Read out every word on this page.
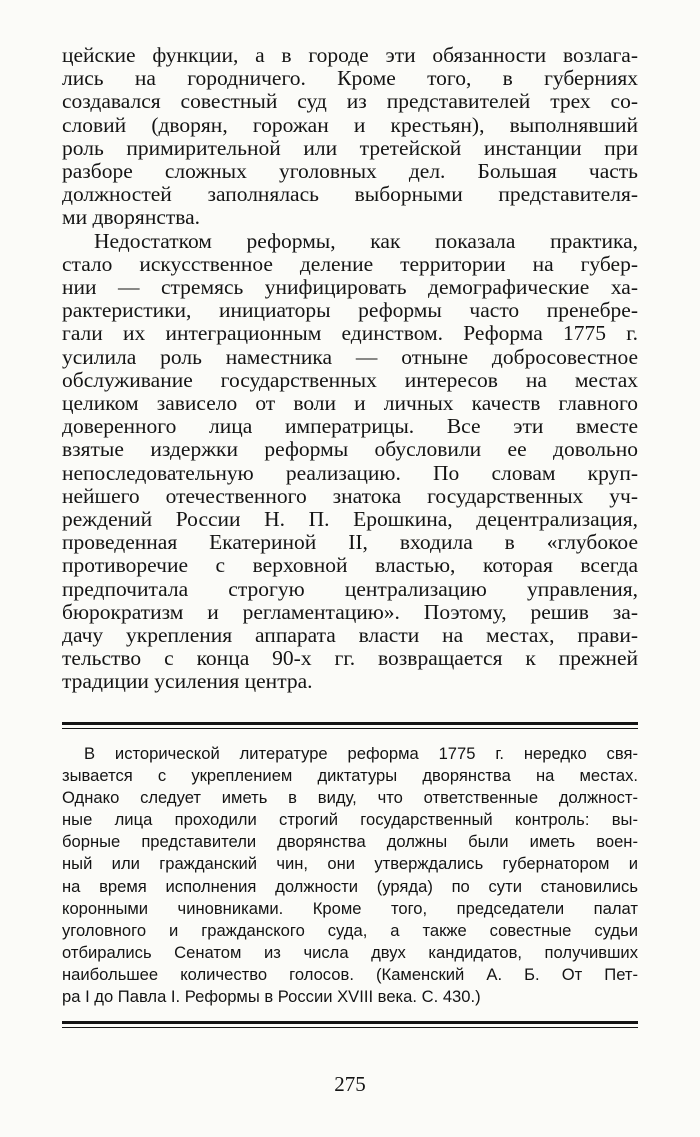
цейские функции, а в городе эти обязанности возлага-
лись на городничего. Кроме того, в губерниях
создавался совестный суд из представителей трех со-
словий (дворян, горожан и крестьян), выполнявший
роль примирительной или третейской инстанции при
разборе сложных уголовных дел. Большая часть
должностей заполнялась выборными представителя-
ми дворянства.
Недостатком реформы, как показала практика,
стало искусственное деление территории на губер-
нии — стремясь унифицировать демографические ха-
рактеристики, инициаторы реформы часто пренебре-
гали их интеграционным единством. Реформа 1775 г.
усилила роль наместника — отныне добросовестное
обслуживание государственных интересов на местах
целиком зависело от воли и личных качеств главного
доверенного лица императрицы. Все эти вместе
взятые издержки реформы обусловили ее довольно
непоследовательную реализацию. По словам круп-
нейшего отечественного знатока государственных уч-
реждений России Н. П. Ерошкина, децентрализация,
проведенная Екатериной II, входила в «глубокое
противоречие с верховной властью, которая всегда
предпочитала строгую централизацию управления,
бюрократизм и регламентацию». Поэтому, решив за-
дачу укрепления аппарата власти на местах, прави-
тельство с конца 90-х гг. возвращается к прежней
традиции усиления центра.
В исторической литературе реформа 1775 г. нередко свя-
зывается с укреплением диктатуры дворянства на местах.
Однако следует иметь в виду, что ответственные должност-
ные лица проходили строгий государственный контроль: вы-
борные представители дворянства должны были иметь воен-
ный или гражданский чин, они утверждались губернатором и
на время исполнения должности (уряда) по сути становились
коронными чиновниками. Кроме того, председатели палат
уголовного и гражданского суда, а также совестные судьи
отбирались Сенатом из числа двух кандидатов, получивших
наибольшее количество голосов. (Каменский А. Б. От Пет-
ра I до Павла I. Реформы в России XVIII века. С. 430.)
275
